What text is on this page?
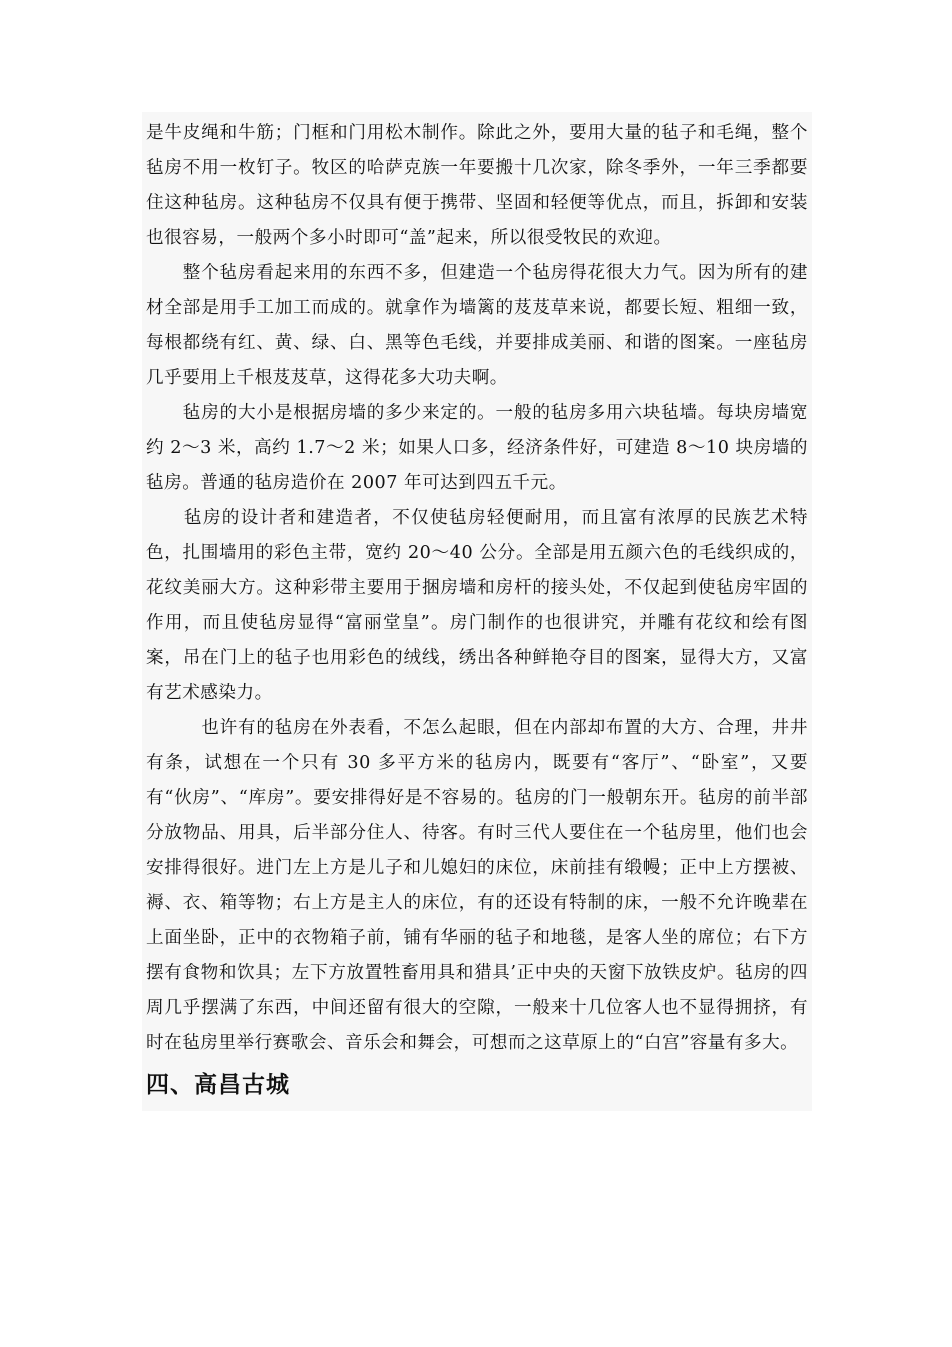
是牛皮绳和牛筋；门框和门用松木制作。除此之外，要用大量的毡子和毛绳，整个毡房不用一枚钉子。牧区的哈萨克族一年要搬十几次家，除冬季外，一年三季都要住这种毡房。这种毡房不仅具有便于携带、坚固和轻便等优点，而且，拆卸和安装也很容易，一般两个多小时即可“盖”起来，所以很受牧民的欢迎。

　　整个毡房看起来用的东西不多，但建造一个毡房得花很大力气。因为所有的建材全部是用手工加工而成的。就拿作为墙篱的芨芨草来说，都要长短、粗细一致，每根都绕有红、黄、绿、白、黑等色毛线，并要排成美丽、和谐的图案。一座毡房几乎要用上千根芨芨草，这得花多大功夫啊。

　　毡房的大小是根据房墙的多少来定的。一般的毡房多用六块毡墙。每块房墙宽约 2～3 米，高约 1.7～2 米；如果人口多，经济条件好，可建造 8～10 块房墙的毡房。普通的毡房造价在 2007 年可达到四五千元。

　　毡房的设计者和建造者，不仅使毡房轻便耐用，而且富有浓厚的民族艺术特色，扎围墙用的彩色主带，宽约 20～40 公分。全部是用五颜六色的毛线织成的，花纹美丽大方。这种彩带主要用于捆房墙和房杆的接头处，不仅起到使毡房牢固的作用，而且使毡房显得“富丽堂皇”。房门制作的也很讲究，并雕有花纹和绘有图案，吊在门上的毡子也用彩色的绒线，绣出各种鲜艳夺目的图案，显得大方，又富有艺术感染力。

　　　也许有的毡房在外表看，不怎么起眼，但在内部却布置的大方、合理，井井有条，试想在一个只有 30 多平方米的毡房内，既要有“客厅”、“卧室”，又要有“伙房”、“库房”。要安排得好是不容易的。毡房的门一般朝东开。毡房的前半部分放物品、用具，后半部分住人、待客。有时三代人要住在一个毡房里，他们也会安排得很好。进门左上方是儿子和儿媳妇的床位，床前挂有缎幔；正中上方摆被、褥、衣、箱等物；右上方是主人的床位，有的还设有特制的床，一般不允许晚辈在上面坐卧，正中的衣物箱子前，铺有华丽的毡子和地毯，是客人坐的席位；右下方摆有食物和饮具；左下方放置牲畜用具和猎具’正中央的天窗下放铁皮炉。毡房的四周几乎摆满了东西，中间还留有很大的空隙，一般来十几位客人也不显得拥挤，有时在毡房里举行赛歌会、音乐会和舞会，可想而之这草原上的“白宫”容量有多大。

四、高昌古城
